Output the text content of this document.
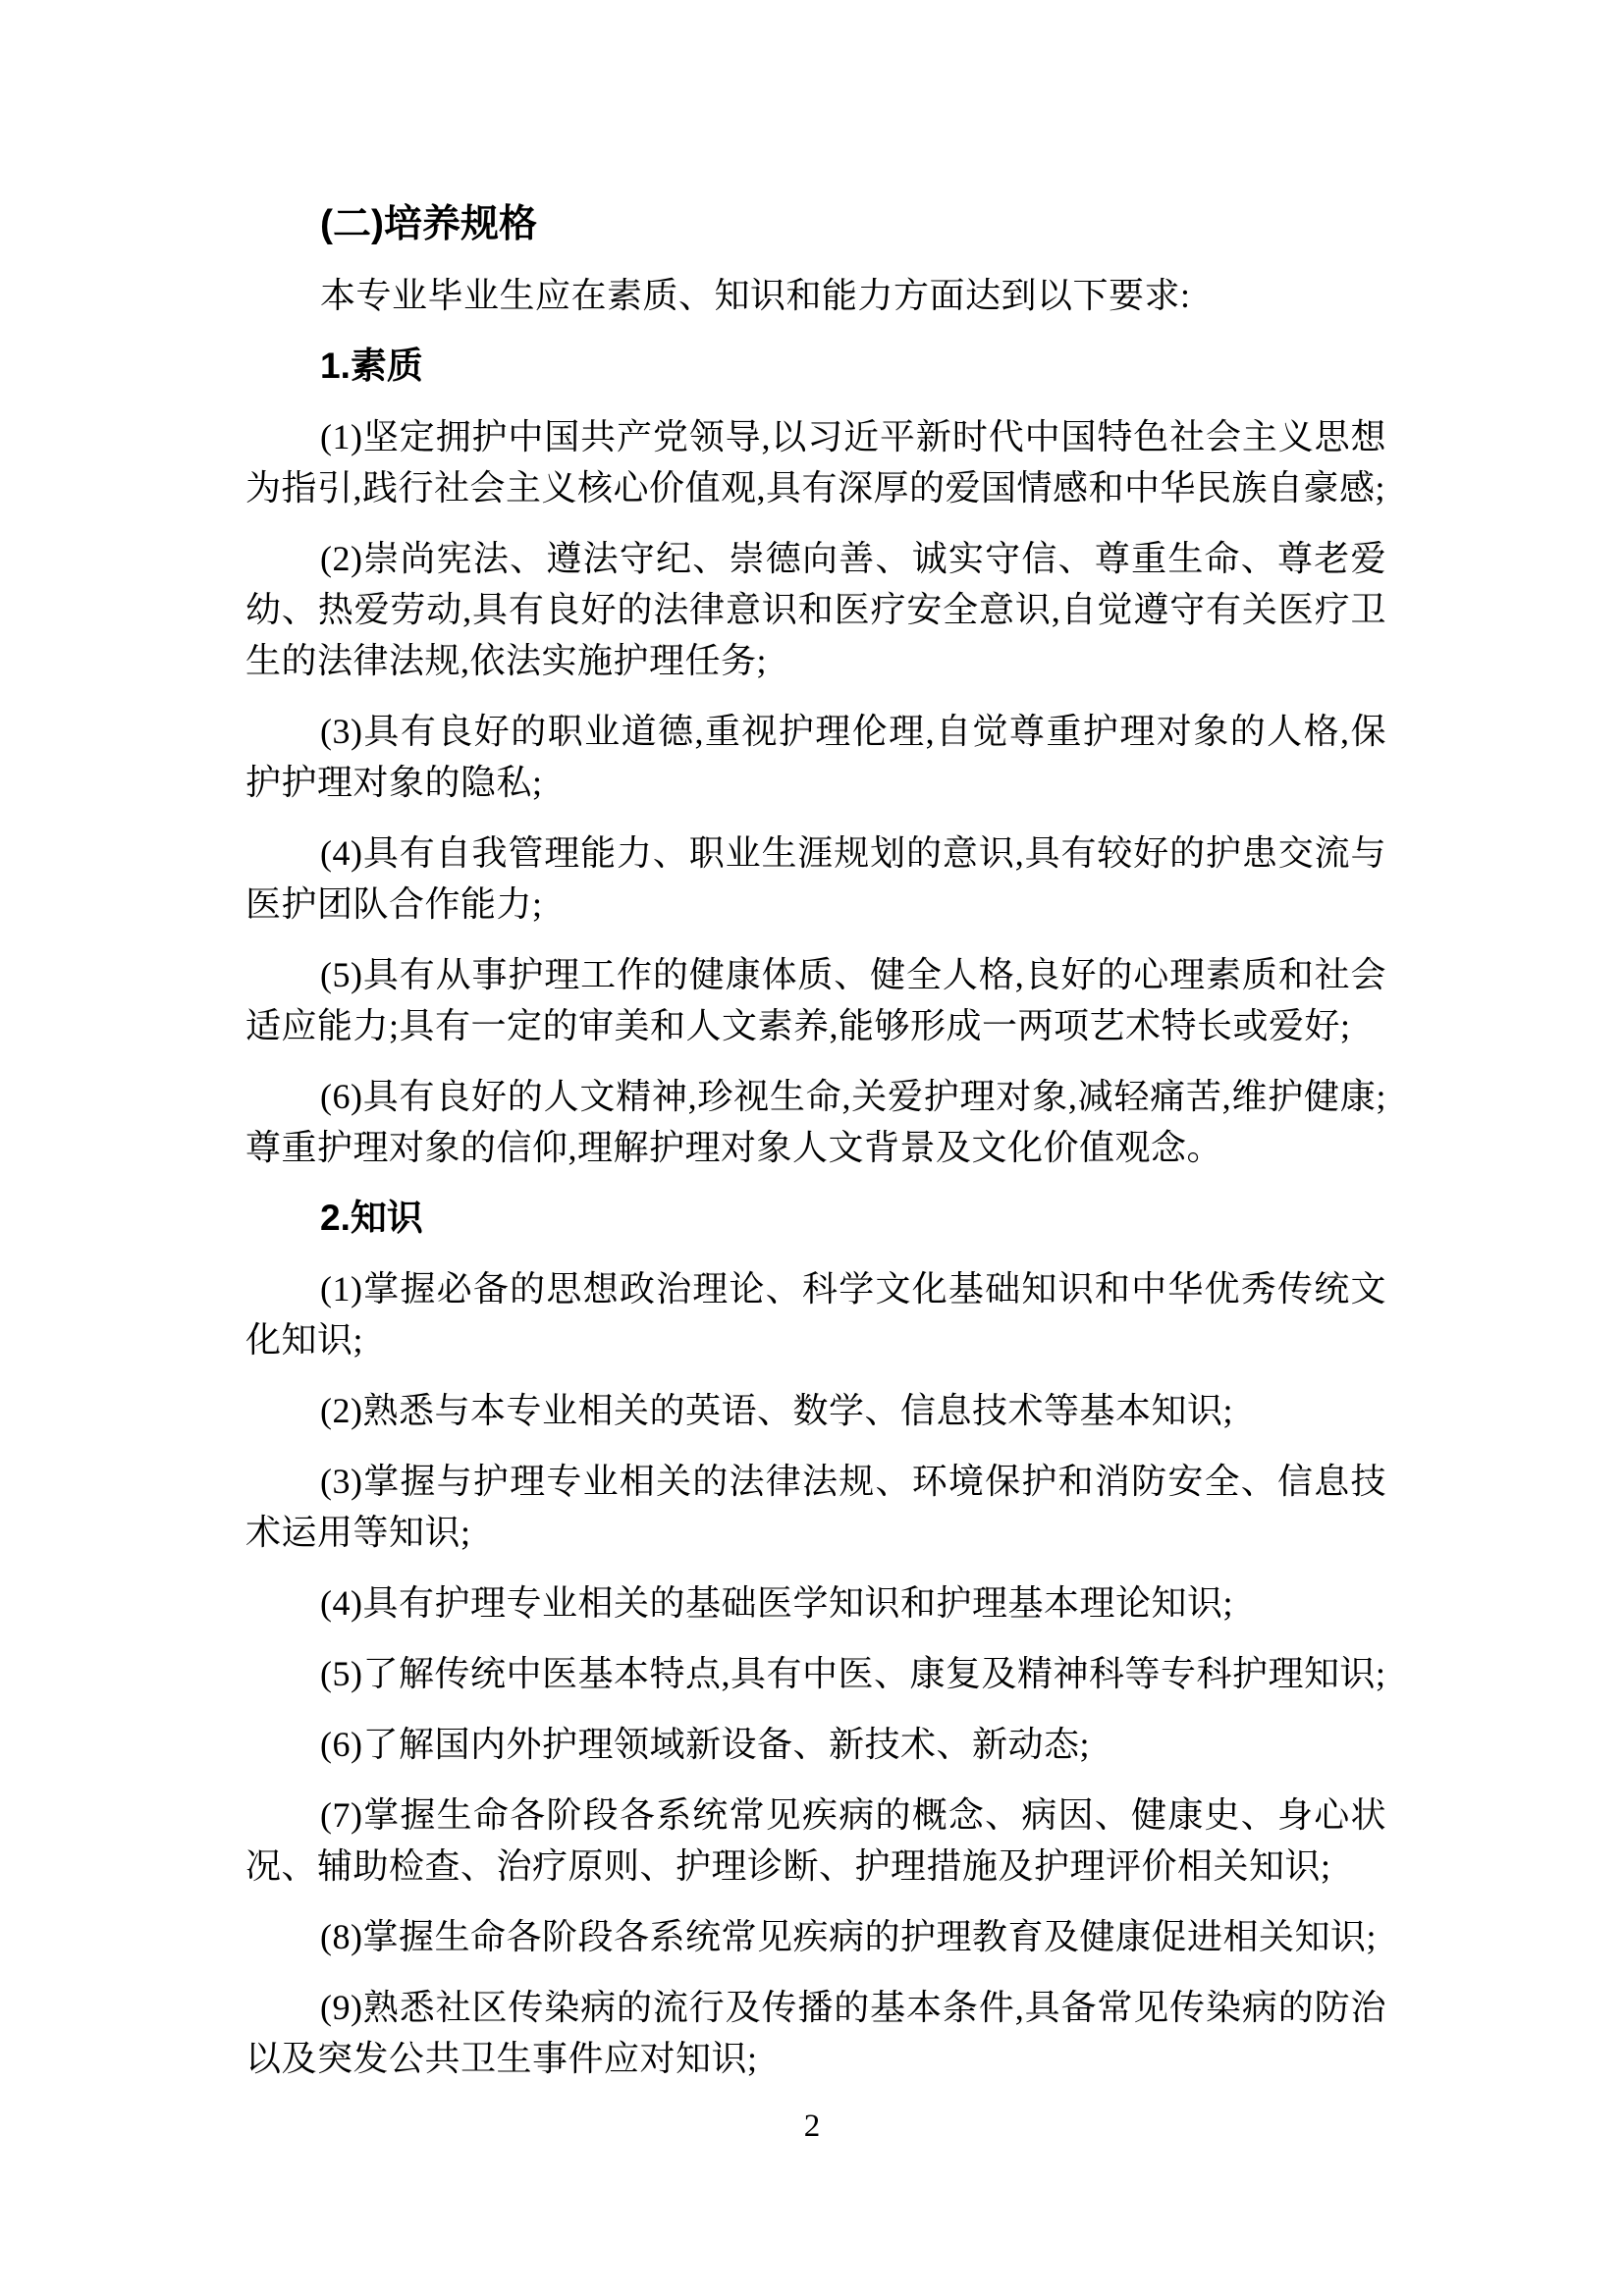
(二)培养规格
本专业毕业生应在素质、知识和能力方面达到以下要求:
1.素质
(1)坚定拥护中国共产党领导,以习近平新时代中国特色社会主义思想为指引,践行社会主义核心价值观,具有深厚的爱国情感和中华民族自豪感;
(2)崇尚宪法、遵法守纪、崇德向善、诚实守信、尊重生命、尊老爱幼、热爱劳动,具有良好的法律意识和医疗安全意识,自觉遵守有关医疗卫生的法律法规,依法实施护理任务;
(3)具有良好的职业道德,重视护理伦理,自觉尊重护理对象的人格,保护护理对象的隐私;
(4)具有自我管理能力、职业生涯规划的意识,具有较好的护患交流与医护团队合作能力;
(5)具有从事护理工作的健康体质、健全人格,良好的心理素质和社会适应能力;具有一定的审美和人文素养,能够形成一两项艺术特长或爱好;
(6)具有良好的人文精神,珍视生命,关爱护理对象,减轻痛苦,维护健康;尊重护理对象的信仰,理解护理对象人文背景及文化价值观念。
2.知识
(1)掌握必备的思想政治理论、科学文化基础知识和中华优秀传统文化知识;
(2)熟悉与本专业相关的英语、数学、信息技术等基本知识;
(3)掌握与护理专业相关的法律法规、环境保护和消防安全、信息技术运用等知识;
(4)具有护理专业相关的基础医学知识和护理基本理论知识;
(5)了解传统中医基本特点,具有中医、康复及精神科等专科护理知识;
(6)了解国内外护理领域新设备、新技术、新动态;
(7)掌握生命各阶段各系统常见疾病的概念、病因、健康史、身心状况、辅助检查、治疗原则、护理诊断、护理措施及护理评价相关知识;
(8)掌握生命各阶段各系统常见疾病的护理教育及健康促进相关知识;
(9)熟悉社区传染病的流行及传播的基本条件,具备常见传染病的防治以及突发公共卫生事件应对知识;
2
